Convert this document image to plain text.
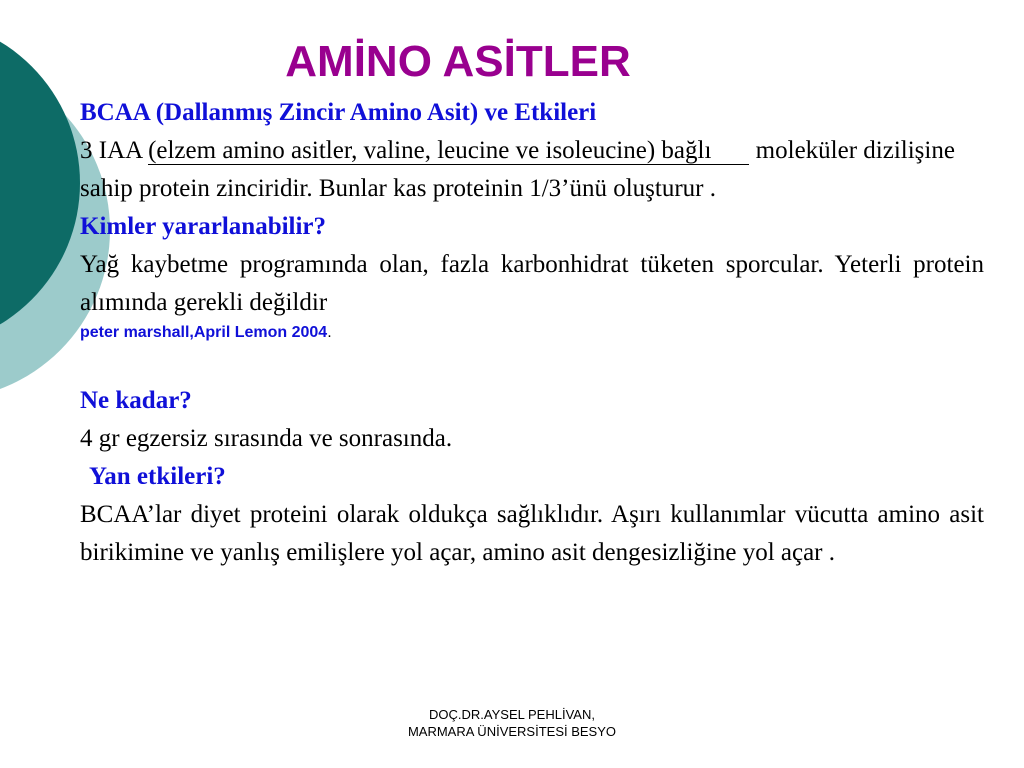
AMİNO ASİTLER

BCAA (Dallanmış Zincir Amino Asit) ve Etkileri

3 IAA (elzem amino asitler, valine, leucine ve isoleucine) bağlı moleküler dizilişine sahip protein zinciridir. Bunlar kas proteinin 1/3’ünü oluşturur .

Kimler yararlanabilir?

Yağ kaybetme programında olan, fazla karbonhidrat tüketen sporcular. Yeterli protein alımında gerekli değildir

peter marshall,April Lemon 2004.

Ne kadar?

4 gr egzersiz sırasında ve sonrasında.

Yan etkileri?

BCAA’lar diyet proteini olarak oldukça sağlıklıdır. Aşırı kullanımlar vücutta amino asit birikimine ve yanlış emilişlere yol açar, amino asit dengesizliğine yol açar .

DOÇ.DR.AYSEL PEHLİVAN,
MARMARA ÜNİVERSİTESİ BESYO
